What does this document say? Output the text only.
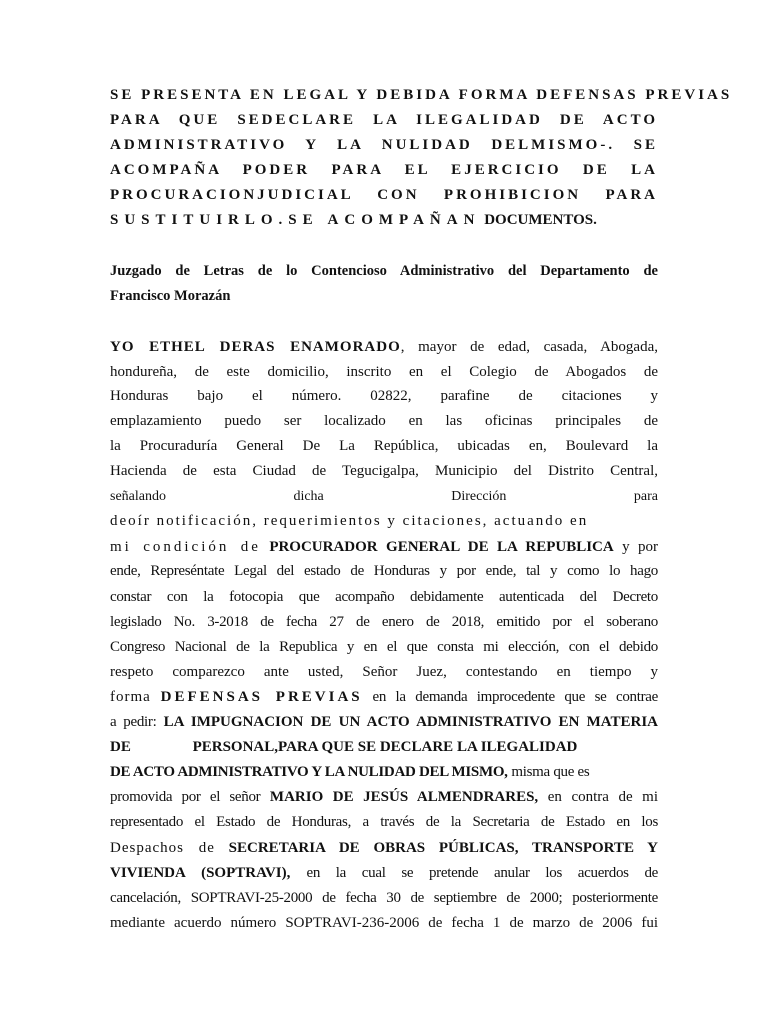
SE PRESENTA EN LEGAL Y DEBIDA FORMA DEFENSAS PREVIAS
PARA QUE SEDECLARE LA ILEGALIDAD DE ACTO
ADMINISTRATIVO Y LA NULIDAD DELMISMO-. SE
ACOMPAÑA PODER PARA EL EJERCICIO DE LA
PROCURACIONJUDICIAL CON PROHIBICION PARA
SUSTITUIRLO.SE ACOMPAÑAN DOCUMENTOS.
Juzgado de Letras de lo Contencioso Administrativo del Departamento de
Francisco Morazán
YO ETHEL DERAS ENAMORADO, mayor de edad, casada, Abogada,
hondureña, de este domicilio, inscrito en el Colegio de Abogados de
Honduras bajo el número. 02822, parafine de citaciones y
emplazamiento puedo ser localizado en las oficinas principales de
la Procuraduría General De La República, ubicadas en, Boulevard la
Hacienda de esta Ciudad de Tegucigalpa, Municipio del Distrito Central,
señalando dicha Dirección para
deoír notificación, requerimientos y citaciones, actuando en
mi condición de PROCURADOR GENERAL DE LA REPUBLICA y por
ende, Represéntate Legal del estado de Honduras y por ende, tal y como lo hago
constar con la fotocopia que acompaño debidamente autenticada del Decreto
legislado No. 3-2018 de fecha 27 de enero de 2018, emitido por el soberano
Congreso Nacional de la Republica y en el que consta mi elección, con el debido
respeto comparezco ante usted, Señor Juez, contestando en tiempo y
forma DEFENSAS PREVIAS en la demanda improcedente que se contrae
a pedir: LA IMPUGNACION DE UN ACTO ADMINISTRATIVO EN MATERIA
DE	PERSONAL,PARA QUE SE DECLARE LA ILEGALIDAD
DE ACTO ADMINISTRATIVO Y LA NULIDAD DEL MISMO, misma que es
promovida por el señor MARIO DE JESÚS ALMENDRARES, en contra de mi
representado el Estado de Honduras, a través de la Secretaria de Estado en los
Despachos de SECRETARIA DE OBRAS PÚBLICAS, TRANSPORTE Y
VIVIENDA (SOPTRAVI), en la cual se pretende anular los acuerdos de
cancelación, SOPTRAVI-25-2000 de fecha 30 de septiembre de 2000; posteriormente
mediante acuerdo número SOPTRAVI-236-2006 de fecha 1 de marzo de 2006 fui
